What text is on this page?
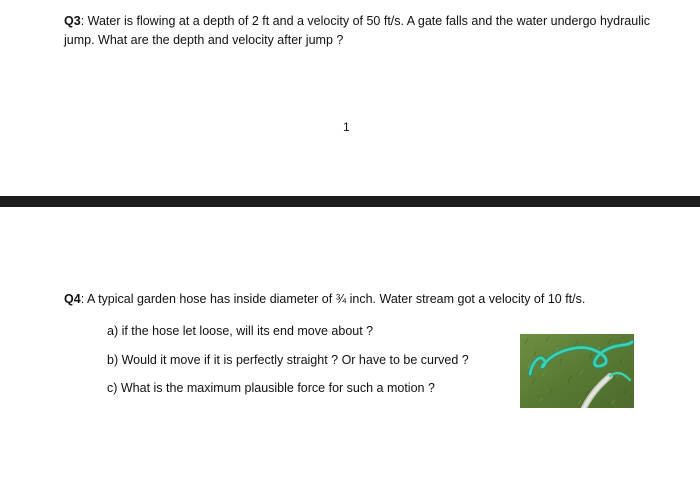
Q3: Water is flowing at a depth of 2 ft and a velocity of 50 ft/s. A gate falls and the water undergo hydraulic jump. What are the depth and velocity after jump ?
1
Q4: A typical garden hose has inside diameter of ¾ inch. Water stream got a velocity of 10 ft/s.
a) if the hose let loose, will its end move about ?
b) Would it move if it is perfectly straight ? Or have to be curved ?
c) What is the maximum plausible force for such a motion ?
